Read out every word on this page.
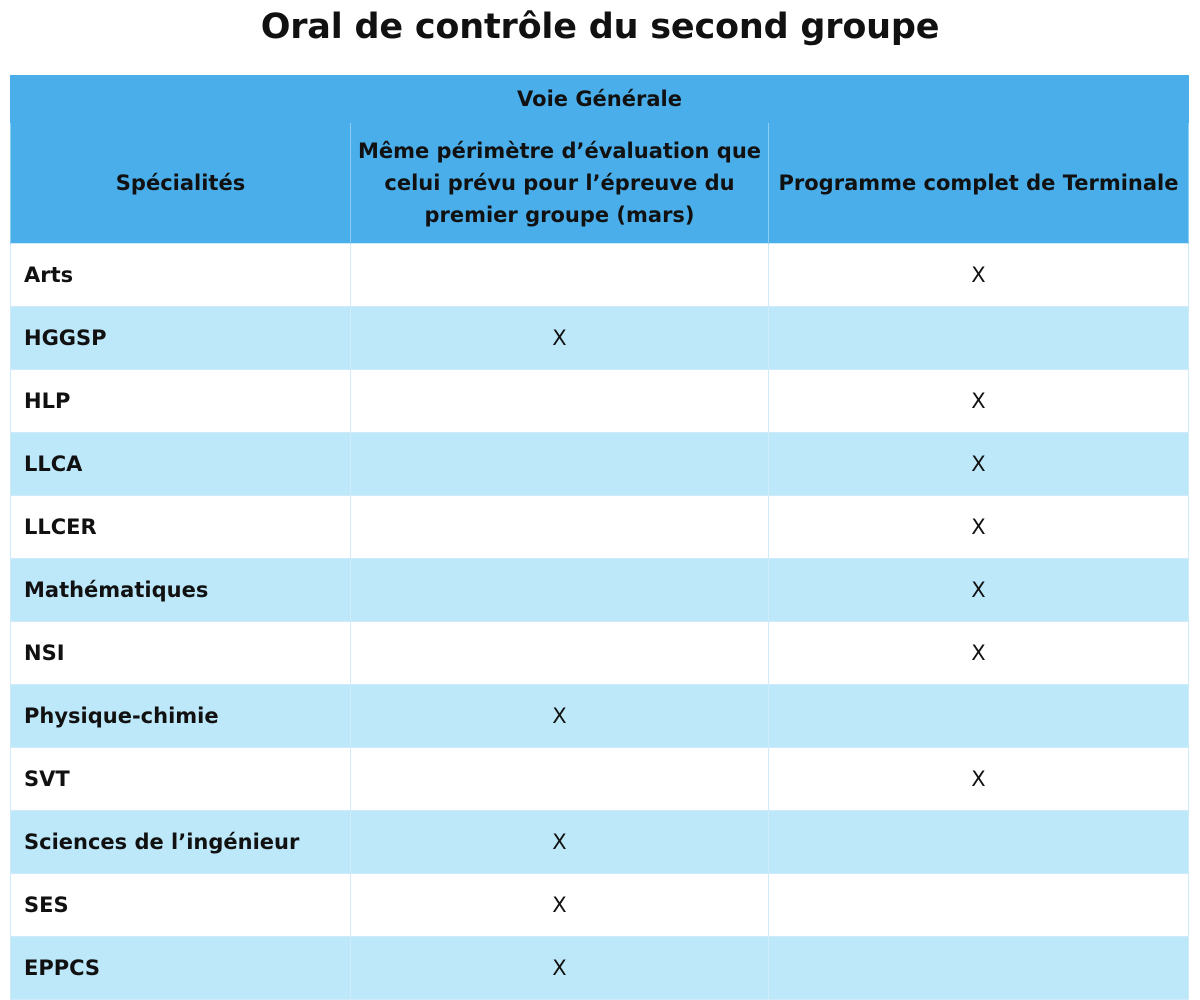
Oral de contrôle du second groupe
Voie Générale		
Spécialités	Même périmètre d’évaluation que celui prévu pour l’épreuve du premier groupe (mars)	Programme complet de Terminale
Arts		X
HGGSP	X	
HLP		X
LLCA		X
LLCER		X
Mathématiques		X
NSI		X
Physique-chimie	X	
SVT		X
Sciences de l’ingénieur	X	
SES	X	
EPPCS	X	
